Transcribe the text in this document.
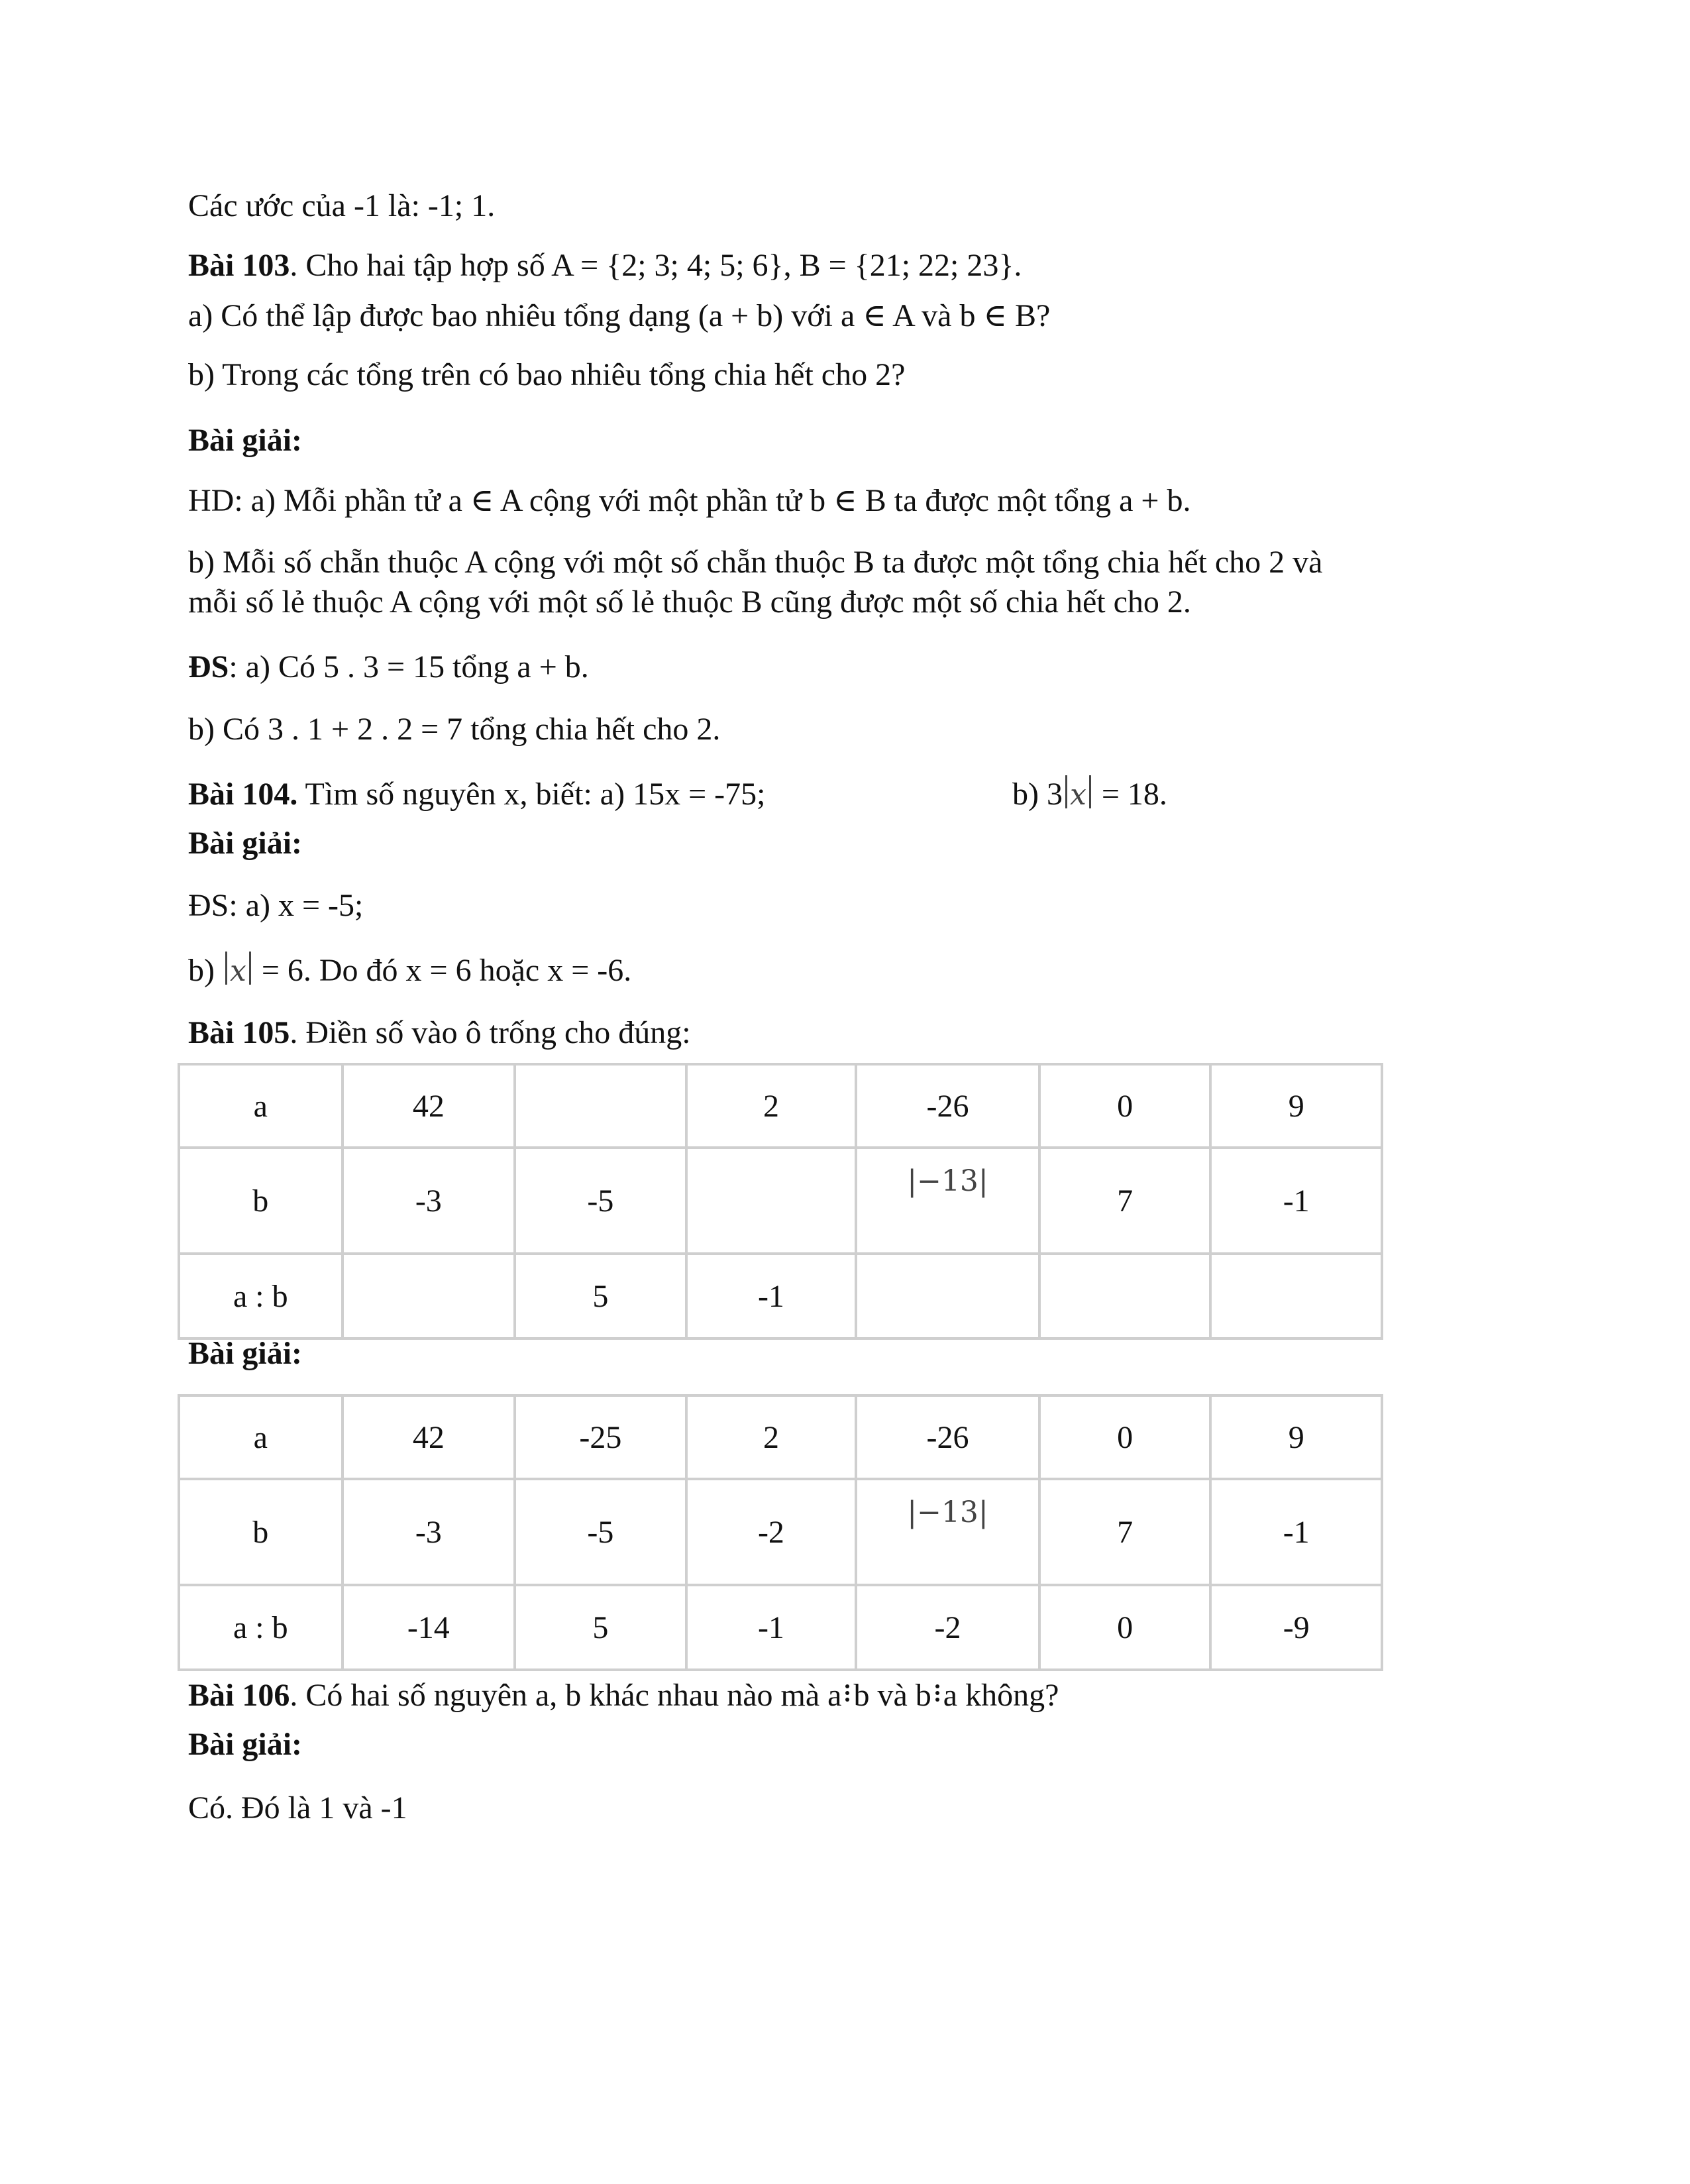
Các ước của -1 là: -1; 1.
Bài 103. Cho hai tập hợp số A = {2; 3; 4; 5; 6}, B = {21; 22; 23}.
a) Có thể lập được bao nhiêu tổng dạng (a + b) với a ∈ A và b ∈ B?
b) Trong các tổng trên có bao nhiêu tổng chia hết cho 2?
Bài giải:
HD: a) Mỗi phần tử a ∈ A cộng với một phần tử b ∈ B ta được một tổng a + b.
b) Mỗi số chẵn thuộc A cộng với một số chẵn thuộc B ta được một tổng chia hết cho 2 và
mỗi số lẻ thuộc A cộng với một số lẻ thuộc B cũng được một số chia hết cho 2.
ĐS: a) Có 5 . 3 = 15 tổng a + b.
b) Có 3 . 1 + 2 . 2 = 7 tổng chia hết cho 2.
Bài 104. Tìm số nguyên x, biết: a) 15x = -75;	b) 3 x = 18.
Bài giải:
ĐS: a) x = -5;
b) x = 6. Do đó x = 6 hoặc x = -6.
Bài 105. Điền số vào ô trống cho đúng:
a	42		2	-26	0	9
b	-3	-5		|−13|	7	-1
a : b		5	-1			
Bài giải:
a	42	-25	2	-26	0	9
b	-3	-5	-2	|−13|	7	-1
a : b	-14	5	-1	-2	0	-9
Bài 106. Có hai số nguyên a, b khác nhau nào mà a b và b a không?
Bài giải:
Có. Đó là 1 và -1
